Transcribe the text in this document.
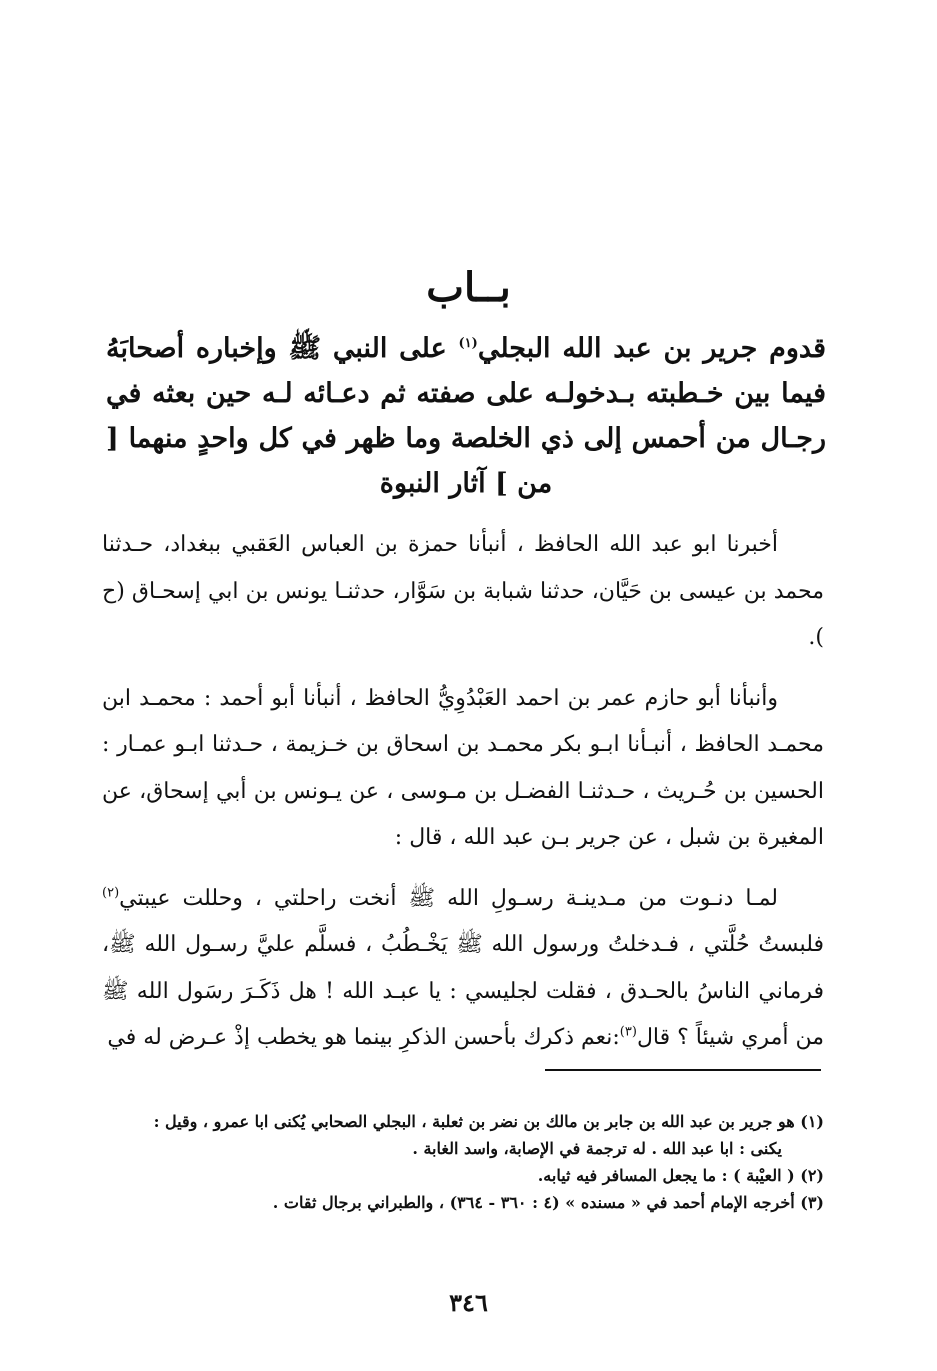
بــاب
قدوم جرير بن عبد الله البجلي$^{(١)}$ على النبي ﷺ وإخباره أصحابَهُ فيما بين خـطبته بـدخولـه على صفته ثم دعـائه لـه حين بعثه في رجـال من أحمس إلى ذي الخلصة وما ظهر في كل واحدٍ منهما [ من ] آثار النبوة

أخبرنا ابو عبد الله الحافظ ، أنبأنا حمزة بن العباس العَقبي ببغداد، حـدثنا محمد بن عيسى بن حَيَّان، حدثنا شبابة بن سَوَّار، حدثنـا يونس بن ابي إسحـاق (ح ).

وأنبأنا أبو حازم عمر بن احمد العَبْدُوِيُّ الحافظ ، أنبأنا أبو أحمد : محمـد ابن محمـد الحافظ ، أنبـأنا ابـو بكر محمـد بن اسحاق بن خـزيمة ، حـدثنا ابـو عمـار : الحسين بن حُـريث ، حـدثنـا الفضـل بن مـوسى ، عن يـونس بن أبي إسحاق، عن المغيرة بن شبل ، عن جرير بـن عبد الله ، قال :

لمـا دنـوت من مـدينـة رسـولِ الله ﷺ أنخت راحلتي ، وحللت عيبتي$^{(٢)}$ فلبستُ حُلَّتي ، فـدخلتُ ورسول الله ﷺ يَخْـطُبُ ، فسلَّم عليَّ رسـول الله ﷺ، فرماني الناسُ بالحـدق ، فقلت لجليسي : يا عبـد الله ! هل ذَكَـرَ رسَول الله ﷺ من أمري شيئاً ؟ قال$^{(٣)}$:نعم ذكرك بأحسن الذكرِ بينما هو يخطب إذْ عـرض له في

(١) هو جرير بن عبد الله بن جابر بن مالك بن نضر بن ثعلبة ، البجلي الصحابي يُكنى ابا عمرو ، وقيل :

يكنى : ابا عبد الله . له ترجمة في الإصابة، واسد الغابة .

(٢) ( العيْبة ) : ما يجعل المسافر فيه ثيابه.

(٣) أخرجه الإمام أحمد في « مسنده » (٤ : ٣٦٠ - ٣٦٤) ، والطبراني برجال ثقات .

٣٤٦
